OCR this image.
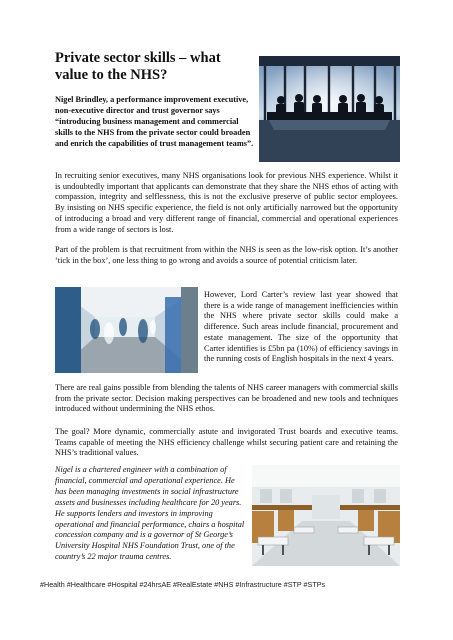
Private sector skills – what value to the NHS?

Nigel Brindley, a performance improvement executive, non-executive director and trust governor says “introducing business management and commercial skills to the NHS from the private sector could broaden and enrich the capabilities of trust management teams”.

In recruiting senior executives, many NHS organisations look for previous NHS experience. Whilst it is undoubtedly important that applicants can demonstrate that they share the NHS ethos of acting with compassion, integrity and selflessness, this is not the exclusive preserve of public sector employees. By insisting on NHS specific experience, the field is not only artificially narrowed but the opportunity of introducing a broad and very different range of financial, commercial and operational experiences from a wide range of sectors is lost.

Part of the problem is that recruitment from within the NHS is seen as the low-risk option. It’s another ‘tick in the box’, one less thing to go wrong and avoids a source of potential criticism later.

However, Lord Carter’s review last year showed that there is a wide range of management inefficiencies within the NHS where private sector skills could make a difference. Such areas include financial, procurement and estate management. The size of the opportunity that Carter identifies is £5bn pa (10%) of efficiency savings in the running costs of English hospitals in the next 4 years.

There are real gains possible from blending the talents of NHS career managers with commercial skills from the private sector. Decision making perspectives can be broadened and new tools and techniques introduced without undermining the NHS ethos.

The goal? More dynamic, commercially astute and invigorated Trust boards and executive teams. Teams capable of meeting the NHS efficiency challenge whilst securing patient care and retaining the NHS’s traditional values.

Nigel is a chartered engineer with a combination of financial, commercial and operational experience. He has been managing investments in social infrastructure assets and businesses including healthcare for 20 years. He supports lenders and investors in improving operational and financial performance, chairs a hospital concession company and is a governor of St George’s University Hospital NHS Foundation Trust, one of the country’s 22 major trauma centres.

#Health #Healthcare #Hospital #24hrsAE #RealEstate #NHS #Infrastructure #STP #STPs
